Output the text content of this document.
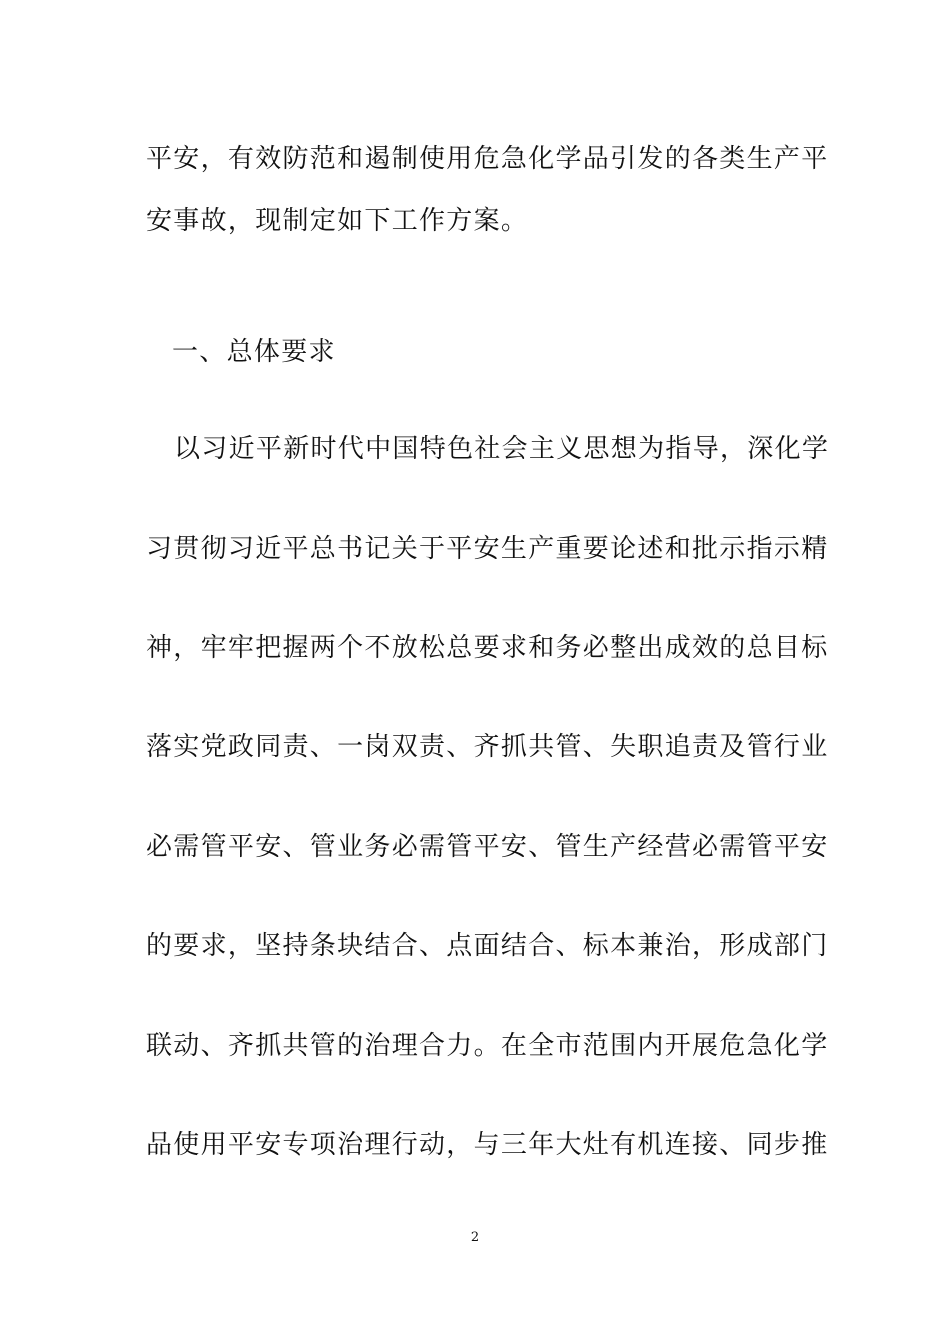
平安，有效防范和遏制使用危急化学品引发的各类生产平
安事故，现制定如下工作方案。
一、总体要求
以习近平新时代中国特色社会主义思想为指导，深化学
习贯彻习近平总书记关于平安生产重要论述和批示指示精
神，牢牢把握两个不放松总要求和务必整出成效的总目标
落实党政同责、一岗双责、齐抓共管、失职追责及管行业
必需管平安、管业务必需管平安、管生产经营必需管平安
的要求，坚持条块结合、点面结合、标本兼治，形成部门
联动、齐抓共管的治理合力。在全市范围内开展危急化学
品使用平安专项治理行动，与三年大灶有机连接、同步推
2
